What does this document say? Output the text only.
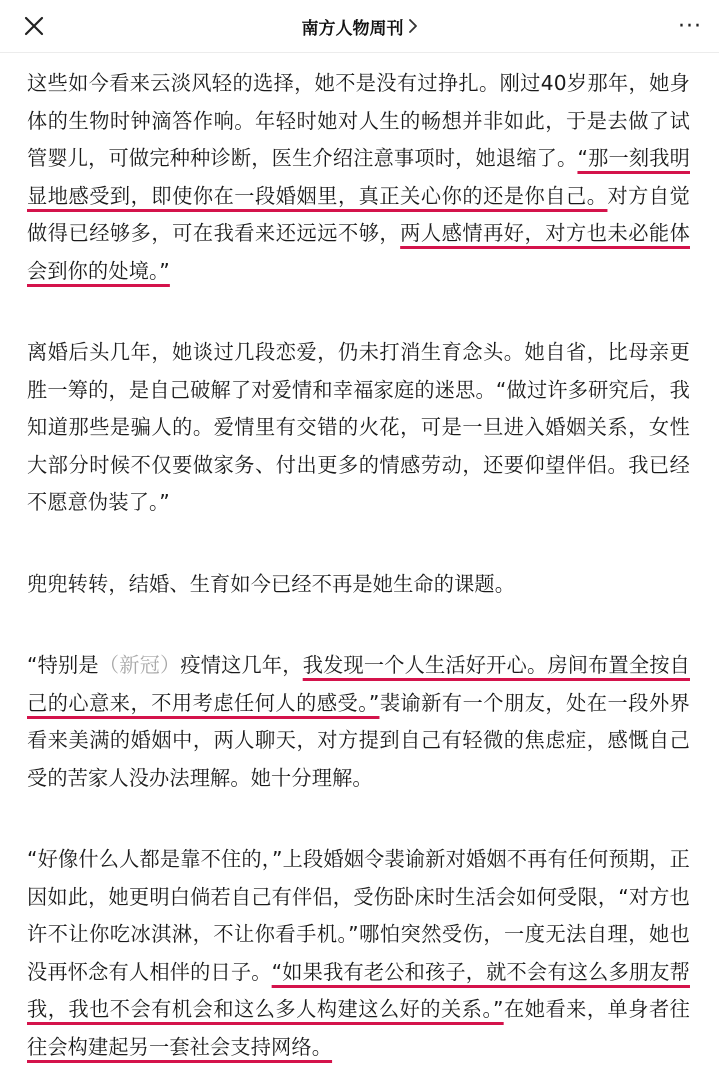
南方人物周刊	···

这些如今看来云淡风轻的选择，她不是没有过挣扎。刚过40岁那年，她身体的生物时钟滴答作响。年轻时她对人生的畅想并非如此，于是去做了试管婴儿，可做完种种诊断，医生介绍注意事项时，她退缩了。“那一刻我明显地感受到，即使你在一段婚姻里，真正关心你的还是你自己。对方自觉做得已经够多，可在我看来还远远不够，两人感情再好，对方也未必能体会到你的处境。”

离婚后头几年，她谈过几段恋爱，仍未打消生育念头。她自省，比母亲更胜一筹的，是自己破解了对爱情和幸福家庭的迷思。“做过许多研究后，我知道那些是骗人的。爱情里有交错的火花，可是一旦进入婚姻关系，女性大部分时候不仅要做家务、付出更多的情感劳动，还要仰望伴侣。我已经不愿意伪装了。”

兜兜转转，结婚、生育如今已经不再是她生命的课题。

“特别是（新冠）疫情这几年，我发现一个人生活好开心。房间布置全按自己的心意来，不用考虑任何人的感受。”裴谕新有一个朋友，处在一段外界看来美满的婚姻中，两人聊天，对方提到自己有轻微的焦虑症，感慨自己受的苦家人没办法理解。她十分理解。

“好像什么人都是靠不住的，”上段婚姻令裴谕新对婚姻不再有任何预期，正因如此，她更明白倘若自己有伴侣，受伤卧床时生活会如何受限，“对方也许不让你吃冰淇淋，不让你看手机。”哪怕突然受伤，一度无法自理，她也没再怀念有人相伴的日子。“如果我有老公和孩子，就不会有这么多朋友帮我，我也不会有机会和这么多人构建这么好的关系。”在她看来，单身者往往会构建起另一套社会支持网络。
